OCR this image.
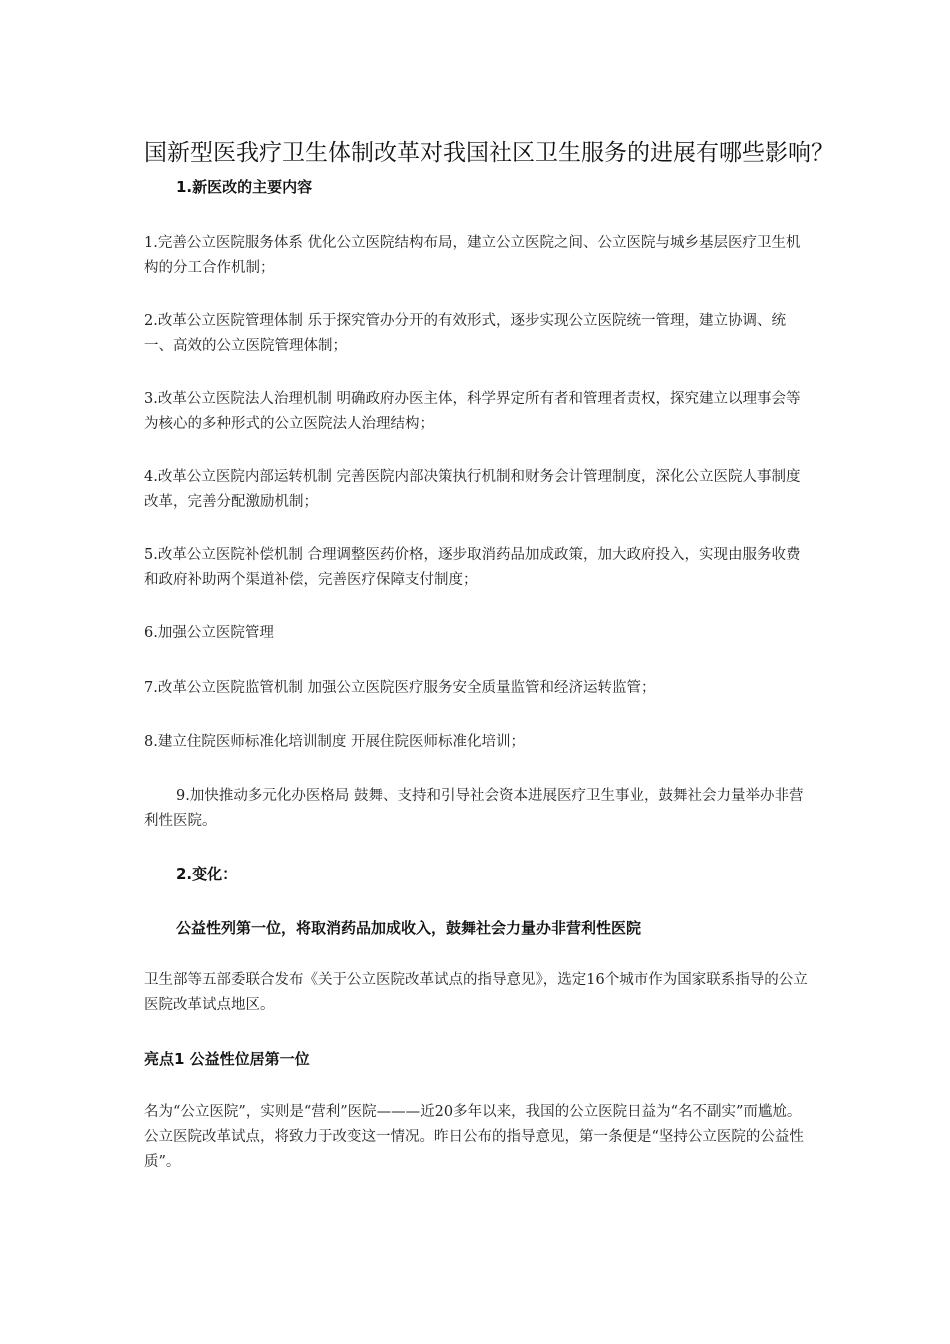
国新型医我疗卫生体制改革对我国社区卫生服务的进展有哪些影响？
1.新医改的主要内容
1.完善公立医院服务体系 优化公立医院结构布局，建立公立医院之间、公立医院与城乡基层医疗卫生机构的分工合作机制；
2.改革公立医院管理体制 乐于探究管办分开的有效形式，逐步实现公立医院统一管理，建立协调、统一、高效的公立医院管理体制；
3.改革公立医院法人治理机制 明确政府办医主体，科学界定所有者和管理者责权，探究建立以理事会等为核心的多种形式的公立医院法人治理结构；
4.改革公立医院内部运转机制 完善医院内部决策执行机制和财务会计管理制度，深化公立医院人事制度改革，完善分配激励机制；
5.改革公立医院补偿机制 合理调整医药价格，逐步取消药品加成政策，加大政府投入，实现由服务收费和政府补助两个渠道补偿，完善医疗保障支付制度；
6.加强公立医院管理
7.改革公立医院监管机制 加强公立医院医疗服务安全质量监管和经济运转监管；
8.建立住院医师标准化培训制度 开展住院医师标准化培训；
9.加快推动多元化办医格局 鼓舞、支持和引导社会资本进展医疗卫生事业，鼓舞社会力量举办非营利性医院。
2.变化：
公益性列第一位，将取消药品加成收入，鼓舞社会力量办非营利性医院
卫生部等五部委联合发布《关于公立医院改革试点的指导意见》，选定16个城市作为国家联系指导的公立医院改革试点地区。
亮点1 公益性位居第一位
名为“公立医院”，实则是“营利”医院———近20多年以来，我国的公立医院日益为“名不副实”而尴尬。公立医院改革试点，将致力于改变这一情况。昨日公布的指导意见，第一条便是“坚持公立医院的公益性质”。
